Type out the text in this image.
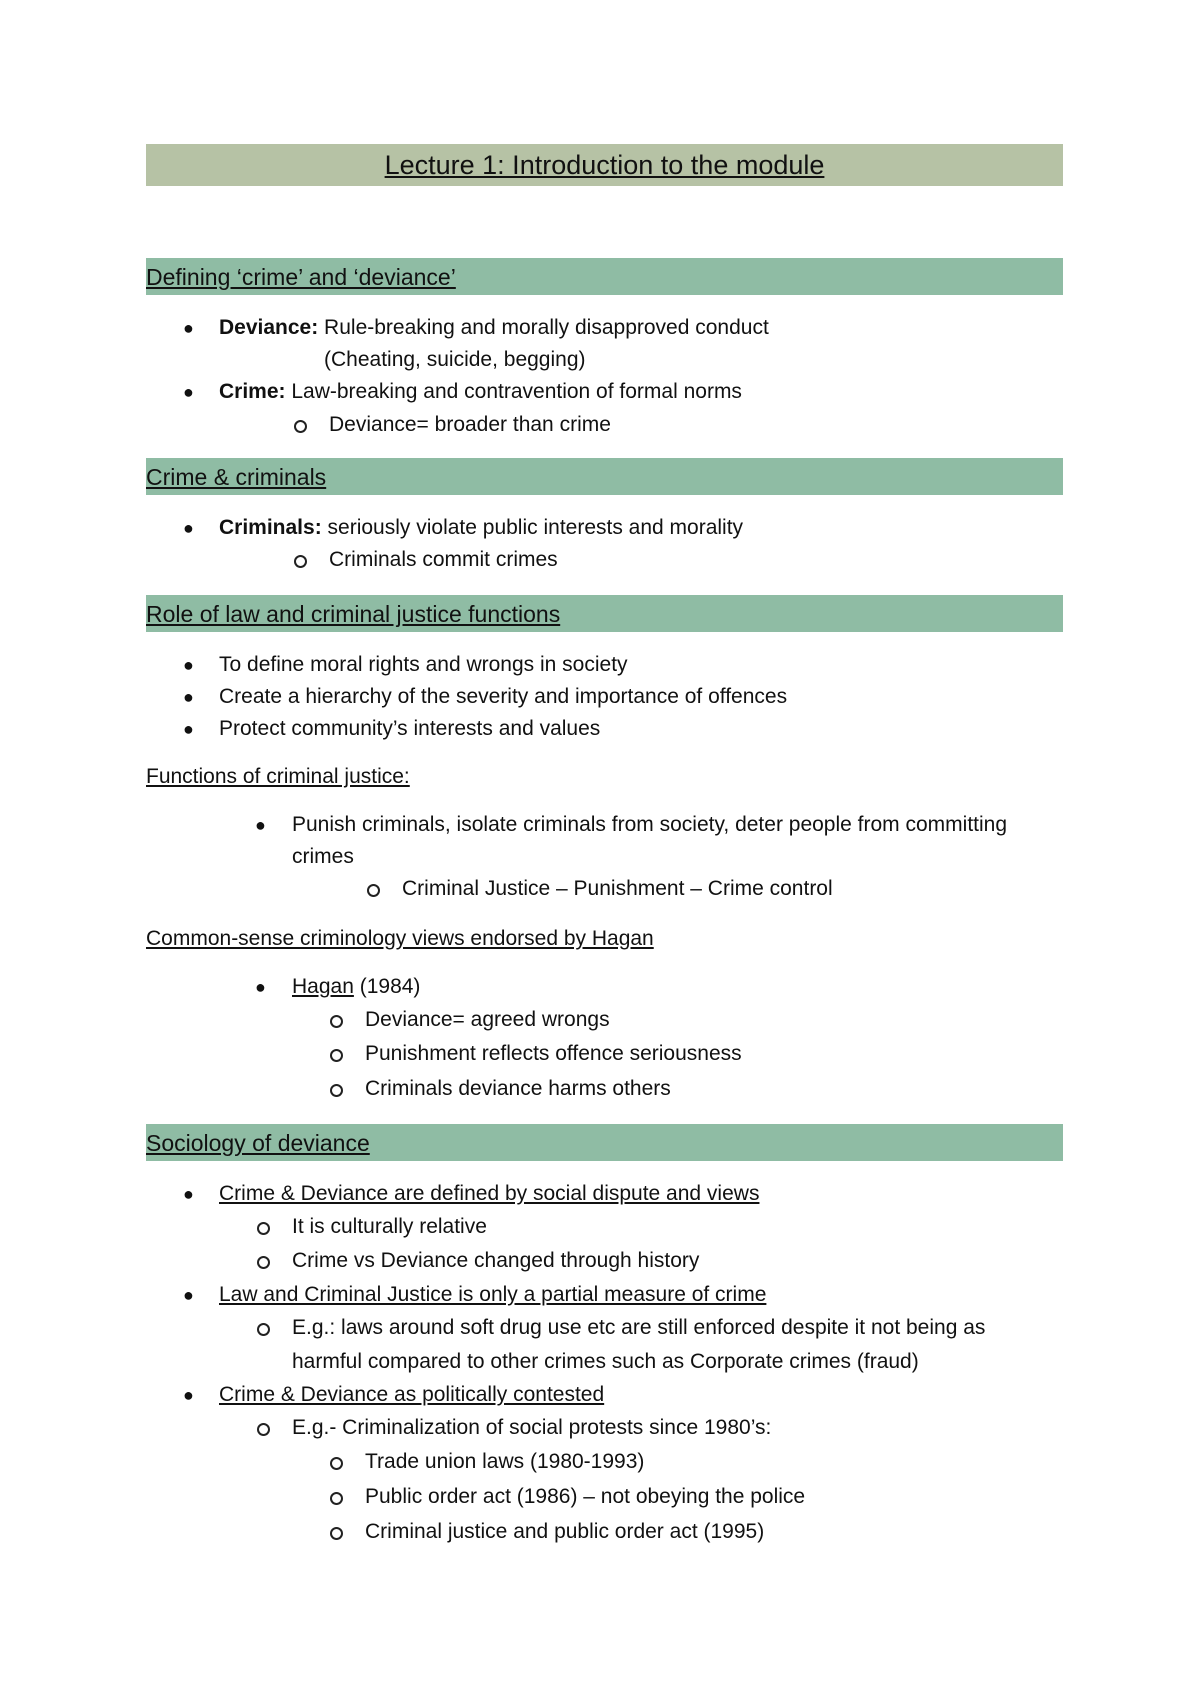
Lecture 1: Introduction to the module
Defining ‘crime’ and ‘deviance’
● Deviance: Rule-breaking and morally disapproved conduct
(Cheating, suicide, begging)
● Crime: Law-breaking and contravention of formal norms
Deviance= broader than crime
Crime & criminals
● Criminals: seriously violate public interests and morality
Criminals commit crimes
Role of law and criminal justice functions
● To define moral rights and wrongs in society
● Create a hierarchy of the severity and importance of offences
● Protect community’s interests and values
Functions of criminal justice:
● Punish criminals, isolate criminals from society, deter people from committing
crimes
Criminal Justice – Punishment – Crime control
Common-sense criminology views endorsed by Hagan
● Hagan (1984)
Deviance= agreed wrongs
Punishment reflects offence seriousness
Criminals deviance harms others
Sociology of deviance
● Crime & Deviance are defined by social dispute and views
It is culturally relative
Crime vs Deviance changed through history
● Law and Criminal Justice is only a partial measure of crime
E.g.: laws around soft drug use etc are still enforced despite it not being as
harmful compared to other crimes such as Corporate crimes (fraud)
● Crime & Deviance as politically contested
E.g.- Criminalization of social protests since 1980’s:
Trade union laws (1980-1993)
Public order act (1986) – not obeying the police
Criminal justice and public order act (1995)
